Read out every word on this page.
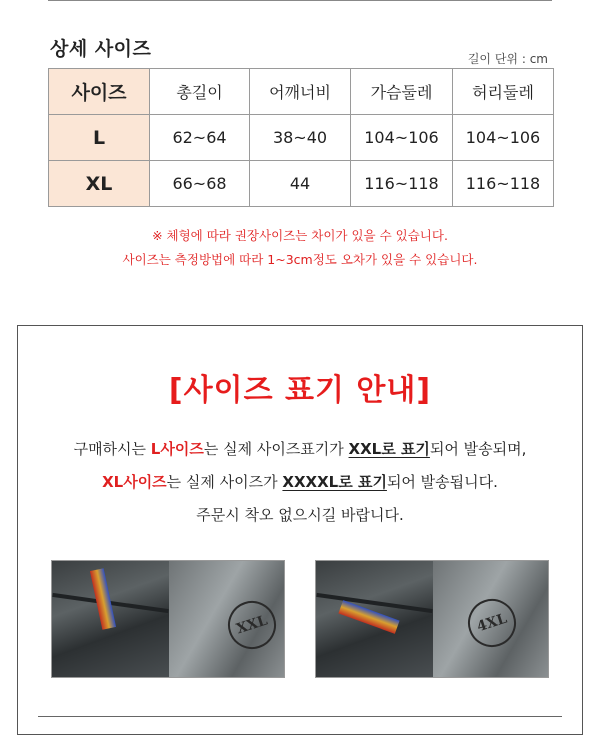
상세 사이즈	길이 단위 : cm
사이즈	총길이	어깨너비	가슴둘레	허리둘레
L	62~64	38~40	104~106	104~106
XL	66~68	44	116~118	116~118
※ 체형에 따라 권장사이즈는 차이가 있을 수 있습니다.
사이즈는 측정방법에 따라 1~3cm정도 오차가 있을 수 있습니다.
[사이즈 표기 안내]
구매하시는 L사이즈는 실제 사이즈표기가 XXL로 표기되어 발송되며,
XL사이즈는 실제 사이즈가 XXXXL로 표기되어 발송됩니다.
주문시 착오 없으시길 바랍니다.
XXL	4XL
